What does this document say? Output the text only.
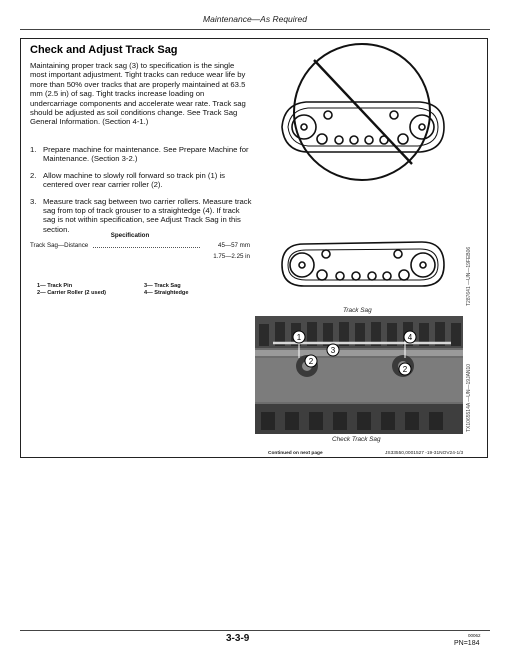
Maintenance—As Required
Check and Adjust Track Sag

Maintaining proper track sag (3) to specification is the single most important adjustment. Tight tracks can reduce wear life by more than 50% over tracks that are properly maintained at 63.5 mm (2.5 in) of sag. Tight tracks increase loading on undercarriage components and accelerate wear rate. Track sag should be adjusted as soil conditions change. See Track Sag General Information. (Section 4-1.)

1. Prepare machine for maintenance. See Prepare Machine for Maintenance. (Section 3-2.)
2. Allow machine to slowly roll forward so track pin (1) is centered over rear carrier roller (2).
3. Measure track sag between two carrier rollers. Measure track sag from top of track grouser to a straightedge (4). If track sag is not within specification, see Adjust Track Sag in this section.
Specification
Track Sag—Distance	45—57 mm
1.75—2.25 in
1— Track Pin
2— Carrier Roller (2 used)
3— Track Sag
4— Straightedge	T287641 —UN—19FEB06
Track Sag
1
3
4
2
2	TX1065514A —UN—19JAN10
Check Track Sag
Continued on next page	JS33550,0001527 -19-31NOV24-1/3
3-3-9	00062
PN=184
